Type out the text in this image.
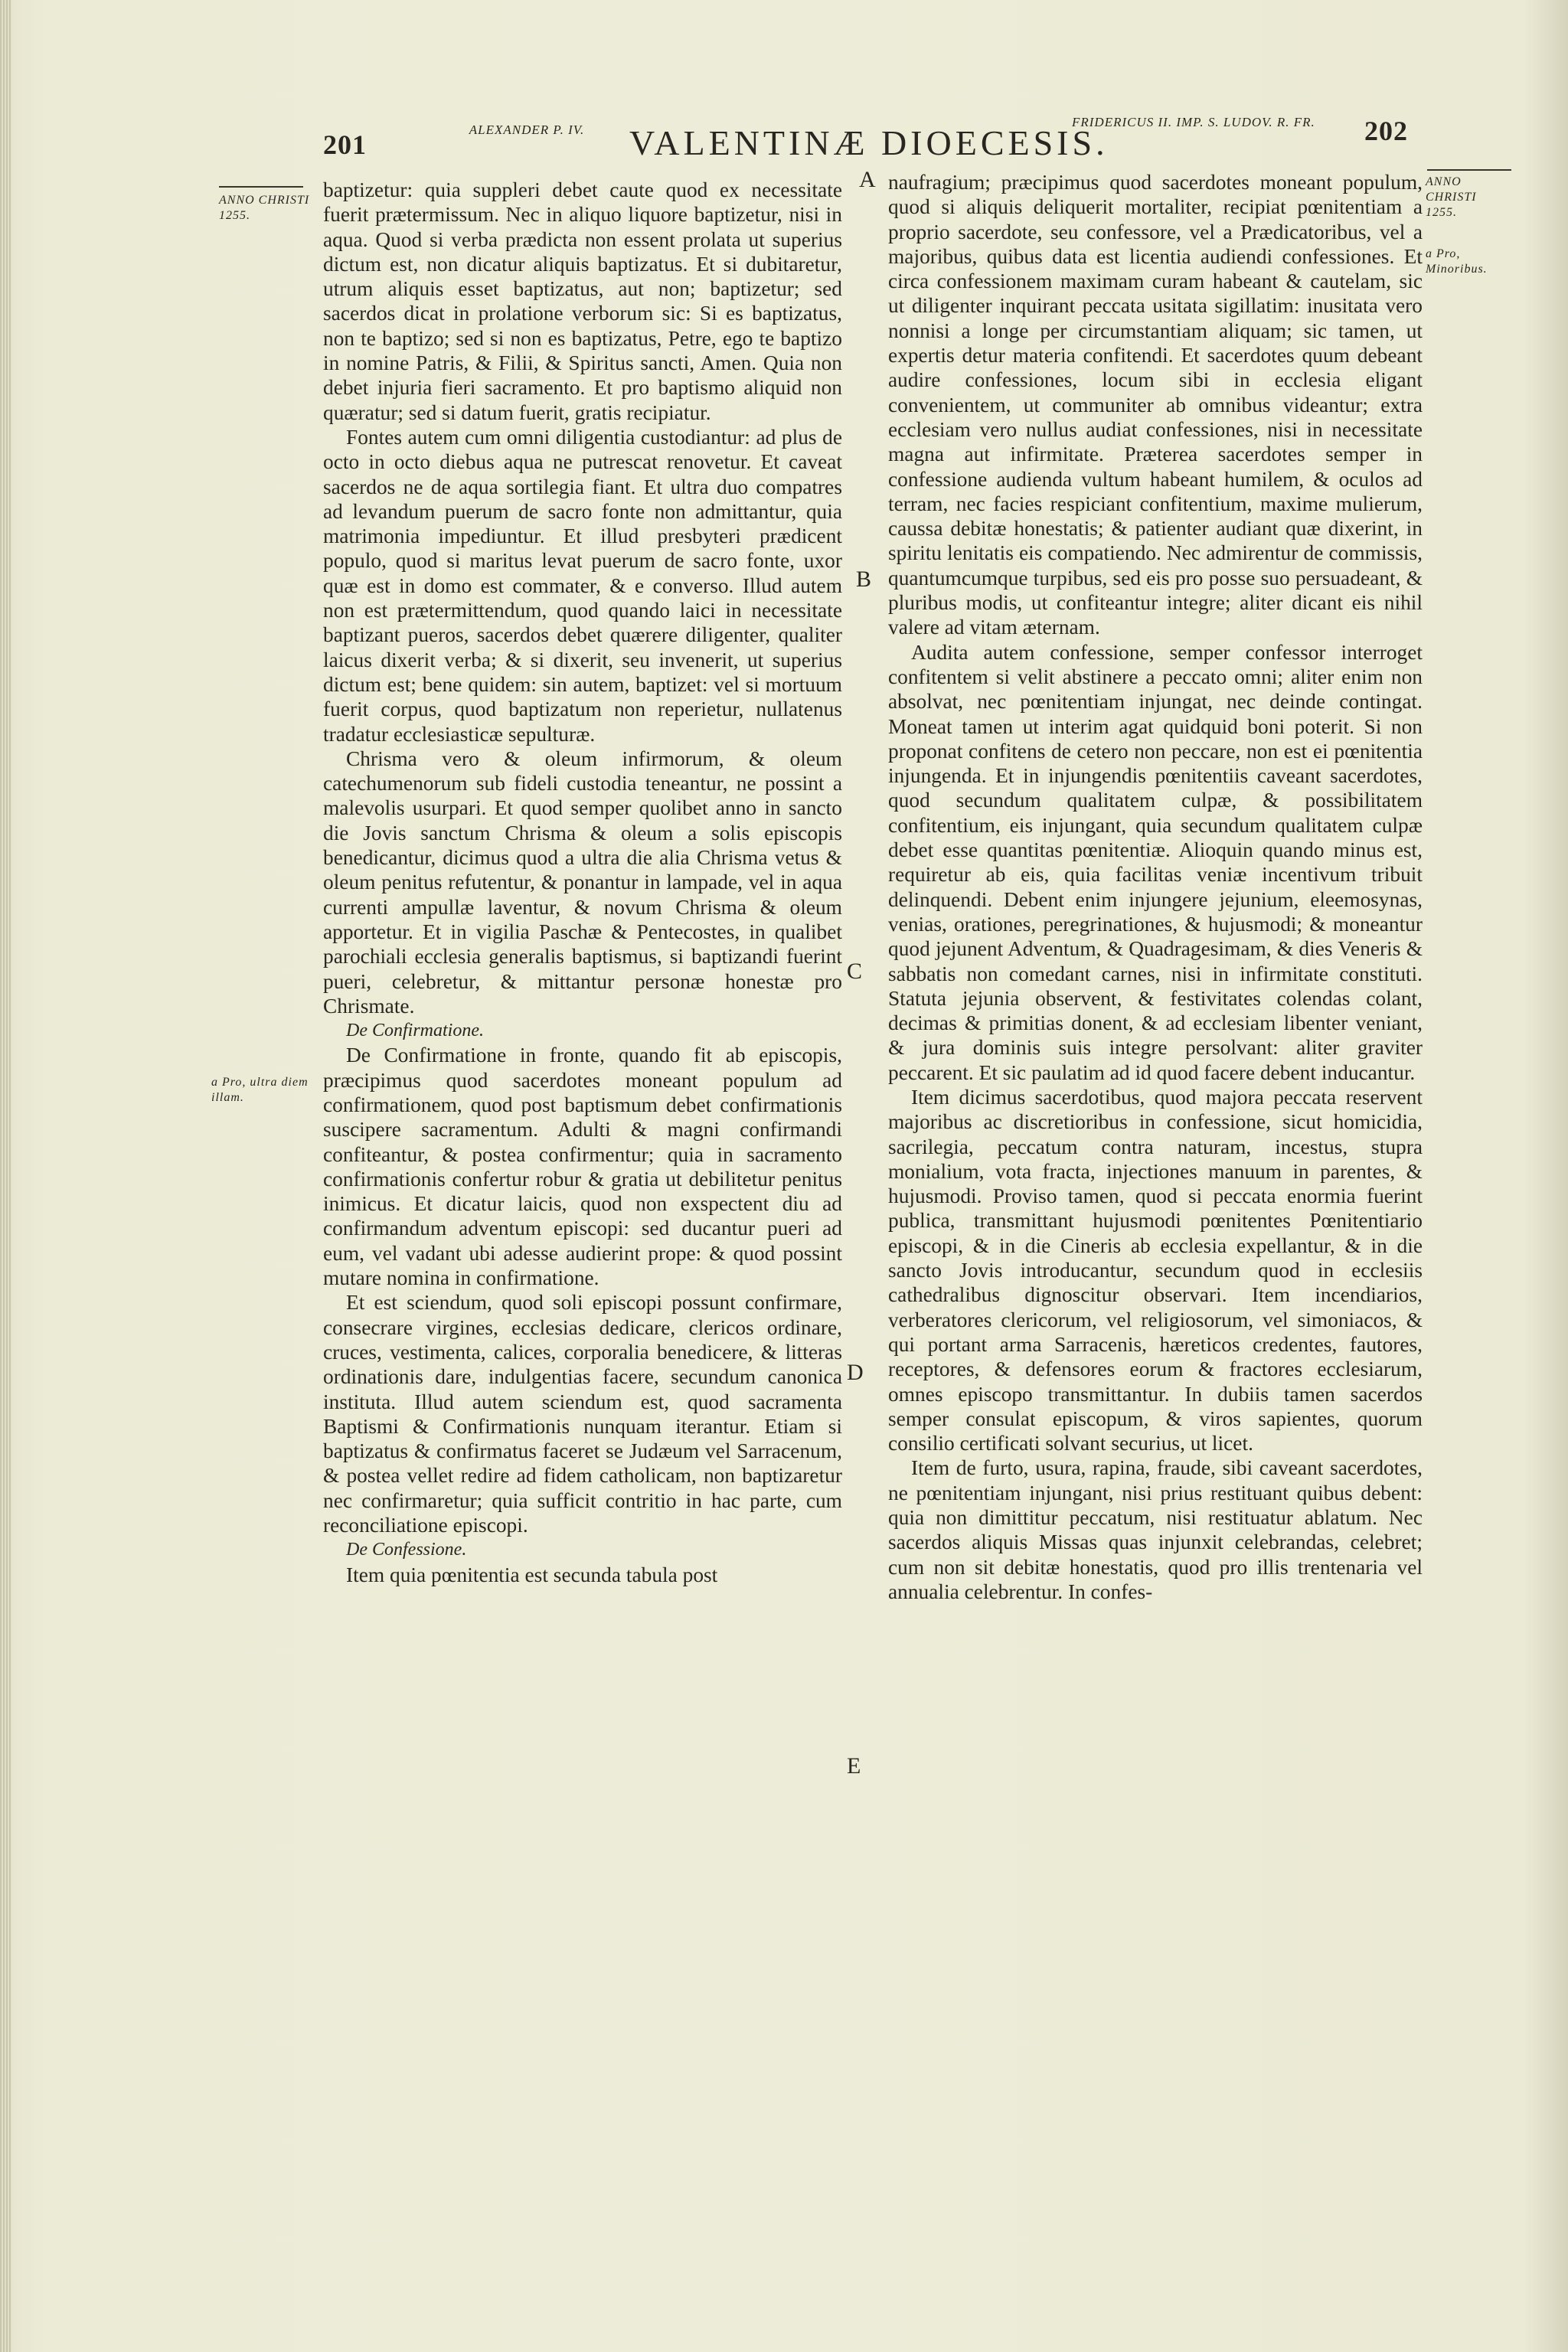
201	ALEXANDER P. IV.	VALENTINÆ DIOECESIS.
FRIDERICUS II. IMP. S. LUDOV. R. FR. 202
ANNO CHRISTI 1255.
a Pro, ultra diem illam.
ANNO CHRISTI 1255.
a Pro, Minoribus.
A
B
C
D
E

baptizetur: quia suppleri debet caute quod ex necessitate fuerit prætermissum. Nec in aliquo liquore baptizetur, nisi in aqua. Quod si verba prædicta non essent prolata ut superius dictum est, non dicatur aliquis baptizatus. Et si dubitaretur, utrum aliquis esset baptizatus, aut non; baptizetur; sed sacerdos dicat in prolatione verborum sic: Si es baptizatus, non te baptizo; sed si non es baptizatus, Petre, ego te baptizo in nomine Patris, & Filii, & Spiritus sancti, Amen. Quia non debet injuria fieri sacramento. Et pro baptismo aliquid non quæratur; sed si datum fuerit, gratis recipiatur.

Fontes autem cum omni diligentia custodiantur: ad plus de octo in octo diebus aqua ne putrescat renovetur. Et caveat sacerdos ne de aqua sortilegia fiant. Et ultra duo compatres ad levandum puerum de sacro fonte non admittantur, quia matrimonia impediuntur. Et illud presbyteri prædicent populo, quod si maritus levat puerum de sacro fonte, uxor quæ est in domo est commater, & e converso. Illud autem non est prætermittendum, quod quando laici in necessitate baptizant pueros, sacerdos debet quærere diligenter, qualiter laicus dixerit verba; & si dixerit, seu invenerit, ut superius dictum est; bene quidem: sin autem, baptizet: vel si mortuum fuerit corpus, quod baptizatum non reperietur, nullatenus tradatur ecclesiasticæ sepulturæ.

Chrisma vero & oleum infirmorum, & oleum catechumenorum sub fideli custodia teneantur, ne possint a malevolis usurpari. Et quod semper quolibet anno in sancto die Jovis sanctum Chrisma & oleum a solis episcopis benedicantur, dicimus quod a ultra die alia Chrisma vetus & oleum penitus refutentur, & ponantur in lampade, vel in aqua currenti ampullæ laventur, & novum Chrisma & oleum apportetur. Et in vigilia Paschæ & Pentecostes, in qualibet parochiali ecclesia generalis baptismus, si baptizandi fuerint pueri, celebretur, & mittantur personæ honestæ pro Chrismate.

De Confirmatione.

De Confirmatione in fronte, quando fit ab episcopis, præcipimus quod sacerdotes moneant populum ad confirmationem, quod post baptismum debet confirmationis suscipere sacramentum. Adulti & magni confirmandi confiteantur, & postea confirmentur; quia in sacramento confirmationis confertur robur & gratia ut debilitetur penitus inimicus. Et dicatur laicis, quod non exspectent diu ad confirmandum adventum episcopi: sed ducantur pueri ad eum, vel vadant ubi adesse audierint prope: & quod possint mutare nomina in confirmatione.

Et est sciendum, quod soli episcopi possunt confirmare, consecrare virgines, ecclesias dedicare, clericos ordinare, cruces, vestimenta, calices, corporalia benedicere, & litteras ordinationis dare, indulgentias facere, secundum canonica instituta. Illud autem sciendum est, quod sacramenta Baptismi & Confirmationis nunquam iterantur. Etiam si baptizatus & confirmatus faceret se Judæum vel Sarracenum, & postea vellet redire ad fidem catholicam, non baptizaretur nec confirmaretur; quia sufficit contritio in hac parte, cum reconciliatione episcopi.

De Confessione.

Item quia pœnitentia est secunda tabula post

naufragium; præcipimus quod sacerdotes moneant populum, quod si aliquis deliquerit mortaliter, recipiat pœnitentiam a proprio sacerdote, seu confessore, vel a Prædicatoribus, vel a majoribus, quibus data est licentia audiendi confessiones. Et circa confessionem maximam curam habeant & cautelam, sic ut diligenter inquirant peccata usitata sigillatim: inusitata vero nonnisi a longe per circumstantiam aliquam; sic tamen, ut expertis detur materia confitendi. Et sacerdotes quum debeant audire confessiones, locum sibi in ecclesia eligant convenientem, ut communiter ab omnibus videantur; extra ecclesiam vero nullus audiat confessiones, nisi in necessitate magna aut infirmitate. Præterea sacerdotes semper in confessione audienda vultum habeant humilem, & oculos ad terram, nec facies respiciant confitentium, maxime mulierum, caussa debitæ honestatis; & patienter audiant quæ dixerint, in spiritu lenitatis eis compatiendo. Nec admirentur de commissis, quantumcumque turpibus, sed eis pro posse suo persuadeant, & pluribus modis, ut confiteantur integre; aliter dicant eis nihil valere ad vitam æternam.

Audita autem confessione, semper confessor interroget confitentem si velit abstinere a peccato omni; aliter enim non absolvat, nec pœnitentiam injungat, nec deinde contingat. Moneat tamen ut interim agat quidquid boni poterit. Si non proponat confitens de cetero non peccare, non est ei pœnitentia injungenda. Et in injungendis pœnitentiis caveant sacerdotes, quod secundum qualitatem culpæ, & possibilitatem confitentium, eis injungant, quia secundum qualitatem culpæ debet esse quantitas pœnitentiæ. Alioquin quando minus est, requiretur ab eis, quia facilitas veniæ incentivum tribuit delinquendi. Debent enim injungere jejunium, eleemosynas, venias, orationes, peregrinationes, & hujusmodi; & moneantur quod jejunent Adventum, & Quadragesimam, & dies Veneris & sabbatis non comedant carnes, nisi in infirmitate constituti. Statuta jejunia observent, & festivitates colendas colant, decimas & primitias donent, & ad ecclesiam libenter veniant, & jura dominis suis integre persolvant: aliter graviter peccarent. Et sic paulatim ad id quod facere debent inducantur.

Item dicimus sacerdotibus, quod majora peccata reservent majoribus ac discretioribus in confessione, sicut homicidia, sacrilegia, peccatum contra naturam, incestus, stupra monialium, vota fracta, injectiones manuum in parentes, & hujusmodi. Proviso tamen, quod si peccata enormia fuerint publica, transmittant hujusmodi pœnitentes Pœnitentiario episcopi, & in die Cineris ab ecclesia expellantur, & in die sancto Jovis introducantur, secundum quod in ecclesiis cathedralibus dignoscitur observari. Item incendiarios, verberatores clericorum, vel religiosorum, vel simoniacos, & qui portant arma Sarracenis, hæreticos credentes, fautores, receptores, & defensores eorum & fractores ecclesiarum, omnes episcopo transmittantur. In dubiis tamen sacerdos semper consulat episcopum, & viros sapientes, quorum consilio certificati solvant securius, ut licet.

Item de furto, usura, rapina, fraude, sibi caveant sacerdotes, ne pœnitentiam injungant, nisi prius restituant quibus debent: quia non dimittitur peccatum, nisi restituatur ablatum. Nec sacerdos aliquis Missas quas injunxit celebrandas, celebret; cum non sit debitæ honestatis, quod pro illis trentenaria vel annualia celebrentur. In confes-
